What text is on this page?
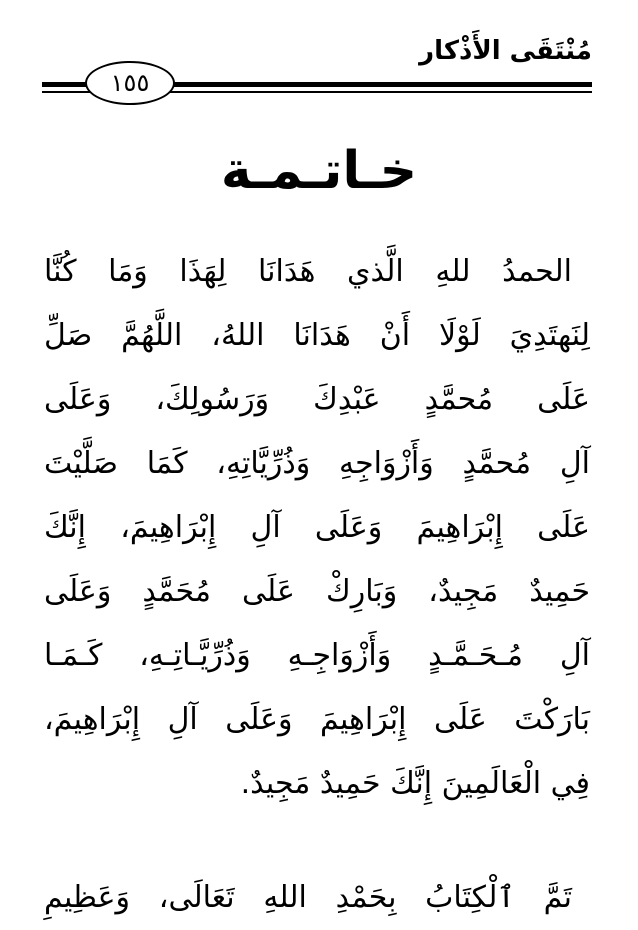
مُنْتَقَى الأَذْكار
١٥٥
خـاتـمـة
الحمدُ للهِ الَّذي هَدَانَا لِهَذَا وَمَا كُنَّا
لِنَهتَدِيَ لَوْلَا أَنْ هَدَانَا اللهُ، اللَّهُمَّ صَلِّ
عَلَى مُحمَّدٍ عَبْدِكَ وَرَسُولِكَ، وَعَلَى
آلِ مُحمَّدٍ وَأَزْوَاجِهِ وَذُرِّيَّاتِهِ، كَمَا صَلَّيْتَ
عَلَى إِبْرَاهِيمَ وَعَلَى آلِ إِبْرَاهِيمَ، إِنَّكَ
حَمِيدٌ مَجِيدٌ، وَبَارِكْ عَلَى مُحَمَّدٍ وَعَلَى
آلِ مُـحَـمَّـدٍ وَأَزْوَاجِـهِ وَذُرِّيَّـاتِـهِ، كَـمَـا
بَارَكْتَ عَلَى إِبْرَاهِيمَ وَعَلَى آلِ إِبْرَاهِيمَ،
فِي الْعَالَمِينَ إِنَّكَ حَمِيدٌ مَجِيدٌ.
تَمَّ ٱلْكِتَابُ بِحَمْدِ اللهِ تَعَالَى، وَعَظِيمِ
